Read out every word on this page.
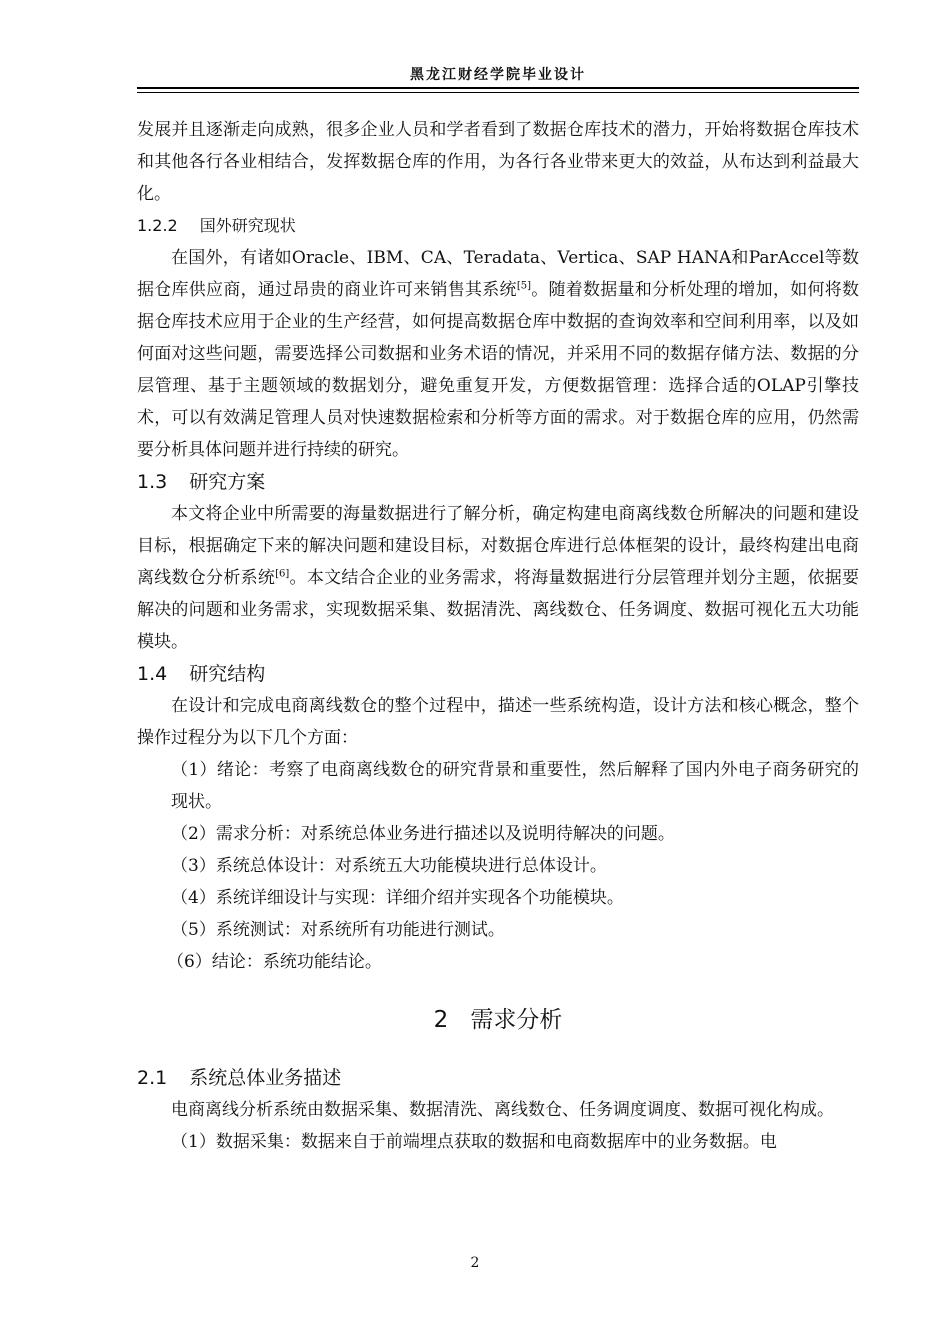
黑龙江财经学院毕业设计

发展并且逐渐走向成熟，很多企业人员和学者看到了数据仓库技术的潜力，开始将数据仓库技术和其他各行各业相结合，发挥数据仓库的作用，为各行各业带来更大的效益，从布达到利益最大化。

1.2.2 国外研究现状

在国外，有诸如Oracle、IBM、CA、Teradata、Vertica、SAP HANA和ParAccel等数据仓库供应商，通过昂贵的商业许可来销售其系统[5]。随着数据量和分析处理的增加，如何将数据仓库技术应用于企业的生产经营，如何提高数据仓库中数据的查询效率和空间利用率，以及如何面对这些问题，需要选择公司数据和业务术语的情况，并采用不同的数据存储方法、数据的分层管理、基于主题领域的数据划分，避免重复开发，方便数据管理：选择合适的OLAP引擎技术，可以有效满足管理人员对快速数据检索和分析等方面的需求。对于数据仓库的应用，仍然需要分析具体问题并进行持续的研究。

1.3 研究方案

本文将企业中所需要的海量数据进行了解分析，确定构建电商离线数仓所解决的问题和建设目标，根据确定下来的解决问题和建设目标，对数据仓库进行总体框架的设计，最终构建出电商离线数仓分析系统[6]。本文结合企业的业务需求，将海量数据进行分层管理并划分主题，依据要解决的问题和业务需求，实现数据采集、数据清洗、离线数仓、任务调度、数据可视化五大功能模块。

1.4 研究结构

在设计和完成电商离线数仓的整个过程中，描述一些系统构造，设计方法和核心概念，整个操作过程分为以下几个方面：

（1）绪论：考察了电商离线数仓的研究背景和重要性，然后解释了国内外电子商务研究的现状。

（2）需求分析：对系统总体业务进行描述以及说明待解决的问题。

（3）系统总体设计：对系统五大功能模块进行总体设计。

（4）系统详细设计与实现：详细介绍并实现各个功能模块。

（5）系统测试：对系统所有功能进行测试。

（6）结论：系统功能结论。

2 需求分析

2.1 系统总体业务描述

电商离线分析系统由数据采集、数据清洗、离线数仓、任务调度调度、数据可视化构成。

（1）数据采集：数据来自于前端埋点获取的数据和电商数据库中的业务数据。电

2
